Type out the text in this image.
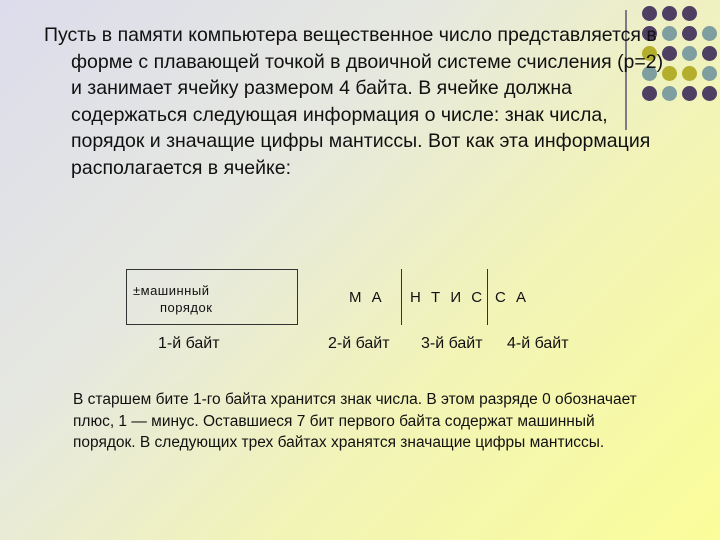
Пусть в памяти компьютера вещественное число представляется в форме с плавающей точкой в двоичной системе счисления (p=2) и занимает ячейку размером 4 байта. В ячейке должна содержаться следующая информация о числе: знак числа, порядок и значащие цифры мантиссы. Вот как эта информация располагается в ячейке:

±машинный
порядок
М А Н Т И С С А
1-й байт	2-й байт 3-й байт 4-й байт

В старшем бите 1-го байта хранится знак числа. В этом разряде 0 обозначает плюс, 1 — минус. Оставшиеся 7 бит первого байта содержат машинный порядок. В следующих трех байтах хранятся значащие цифры мантиссы.
